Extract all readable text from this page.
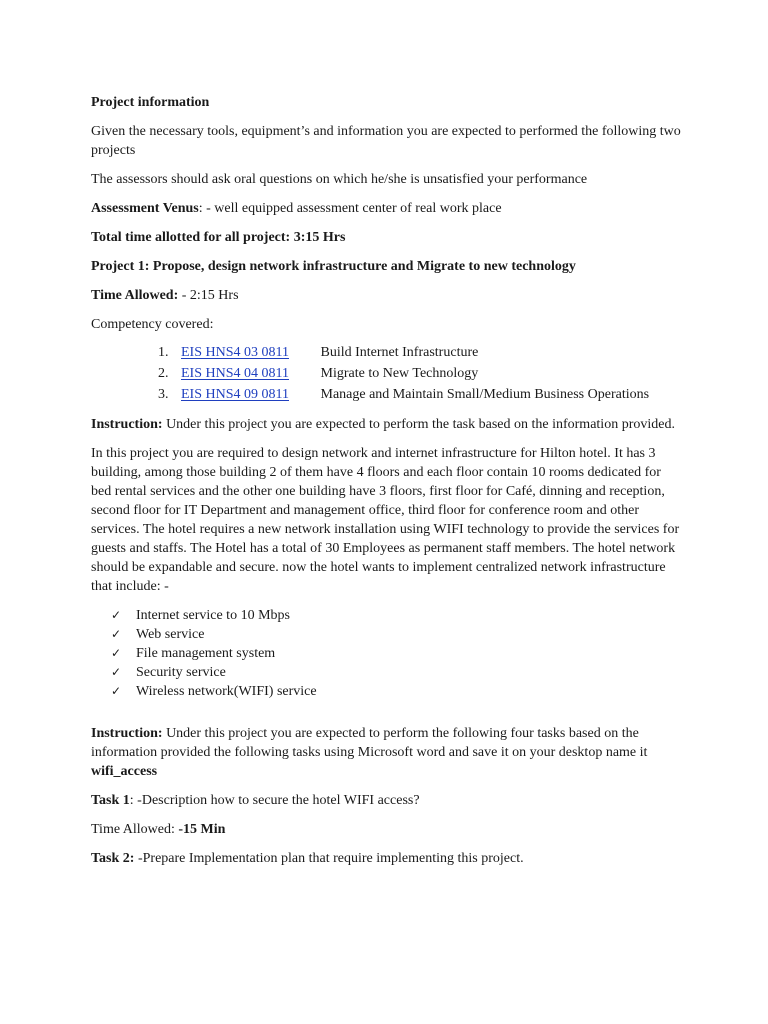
Project information

Given the necessary tools, equipment’s and information you are expected to performed the following two projects

The assessors should ask oral questions on which he/she is unsatisfied your performance

Assessment Venus: - well equipped assessment center of real work place

Total time allotted for all project: 3:15 Hrs

Project 1: Propose, design network infrastructure and Migrate to new technology

Time Allowed: - 2:15 Hrs

Competency covered:

1. EIS HNS4 03 0811 Build Internet Infrastructure
2. EIS HNS4 04 0811 Migrate to New Technology
3. EIS HNS4 09 0811 Manage and Maintain Small/Medium Business Operations

Instruction: Under this project you are expected to perform the task based on the information provided.

In this project you are required to design network and internet infrastructure for Hilton hotel. It has 3 building, among those building 2 of them have 4 floors and each floor contain 10 rooms dedicated for bed rental services and the other one building have 3 floors, first floor for Café, dinning and reception, second floor for IT Department and management office, third floor for conference room and other services. The hotel requires a new network installation using WIFI technology to provide the services for guests and staffs. The Hotel has a total of 30 Employees as permanent staff members. The hotel network should be expandable and secure. now the hotel wants to implement centralized network infrastructure that include: -

✓ Internet service to 10 Mbps
✓ Web service
✓ File management system
✓ Security service
✓ Wireless network(WIFI) service

Instruction: Under this project you are expected to perform the following four tasks based on the information provided the following tasks using Microsoft word and save it on your desktop name it wifi_access

Task 1: -Description how to secure the hotel WIFI access?

Time Allowed: -15 Min

Task 2: -Prepare Implementation plan that require implementing this project.
